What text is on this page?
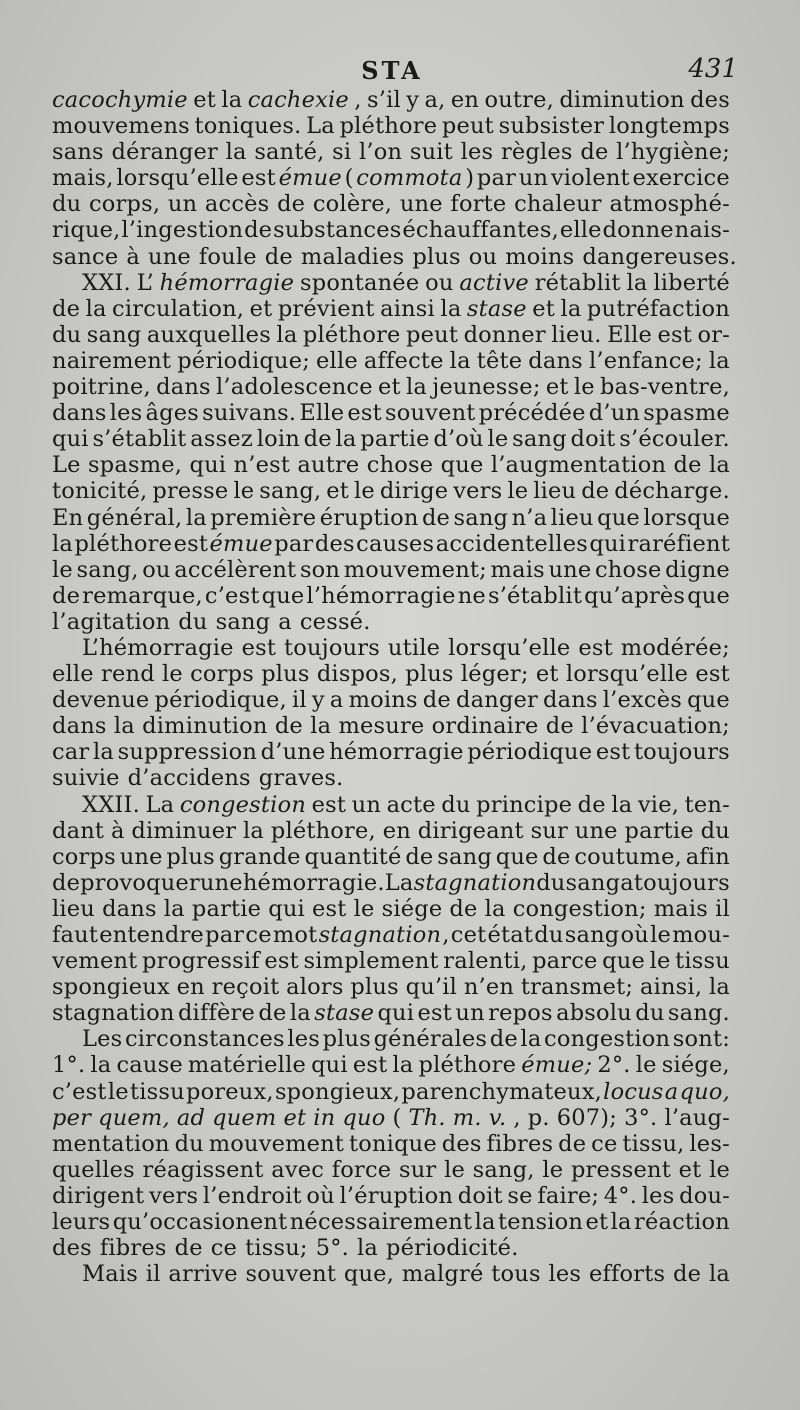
STA	431
cacochymie et la cachexie , s’il y a, en outre, diminution des
mouvemens toniques. La pléthore peut subsister longtemps
sans déranger la santé, si l’on suit les règles de l’hygiène;
mais, lorsqu’elle est émue ( commota ) par un violent exercice
du corps, un accès de colère, une forte chaleur atmosphé-
rique, l’ingestion de substances échauffantes, elle donne nais-
sance à une foule de maladies plus ou moins dangereuses.
XXI. L’ hémorragie spontanée ou active rétablit la liberté
de la circulation, et prévient ainsi la stase et la putréfaction
du sang auxquelles la pléthore peut donner lieu. Elle est or-
nairement périodique; elle affecte la tête dans l’enfance; la
poitrine, dans l’adolescence et la jeunesse; et le bas-ventre,
dans les âges suivans. Elle est souvent précédée d’un spasme
qui s’établit assez loin de la partie d’où le sang doit s’écouler.
Le spasme, qui n’est autre chose que l’augmentation de la
tonicité, presse le sang, et le dirige vers le lieu de décharge.
En général, la première éruption de sang n’a lieu que lorsque
la pléthore est émue par des causes accidentelles qui raréfient
le sang, ou accélèrent son mouvement; mais une chose digne
de remarque, c’est que l’hémorragie ne s’établit qu’après que
l’agitation du sang a cessé.
L’hémorragie est toujours utile lorsqu’elle est modérée;
elle rend le corps plus dispos, plus léger; et lorsqu’elle est
devenue périodique, il y a moins de danger dans l’excès que
dans la diminution de la mesure ordinaire de l’évacuation;
car la suppression d’une hémorragie périodique est toujours
suivie d’accidens graves.
XXII. La congestion est un acte du principe de la vie, ten-
dant à diminuer la pléthore, en dirigeant sur une partie du
corps une plus grande quantité de sang que de coutume, afin
de provoquer une hémorragie. La stagnation du sang a toujours
lieu dans la partie qui est le siége de la congestion; mais il
faut entendre par ce mot stagnation , cet état du sang où le mou-
vement progressif est simplement ralenti, parce que le tissu
spongieux en reçoit alors plus qu’il n’en transmet; ainsi, la
stagnation diffère de la stase qui est un repos absolu du sang.
Les circonstances les plus générales de la congestion sont:
1°. la cause matérielle qui est la pléthore émue; 2°. le siége,
c’est le tissu poreux, spongieux, parenchymateux, locus a quo,
per quem, ad quem et in quo ( Th. m. v. , p. 607); 3°. l’aug-
mentation du mouvement tonique des fibres de ce tissu, les-
quelles réagissent avec force sur le sang, le pressent et le
dirigent vers l’endroit où l’éruption doit se faire; 4°. les dou-
leurs qu’occasionent nécessairement la tension et la réaction
des fibres de ce tissu; 5°. la périodicité.
Mais il arrive souvent que, malgré tous les efforts de la
